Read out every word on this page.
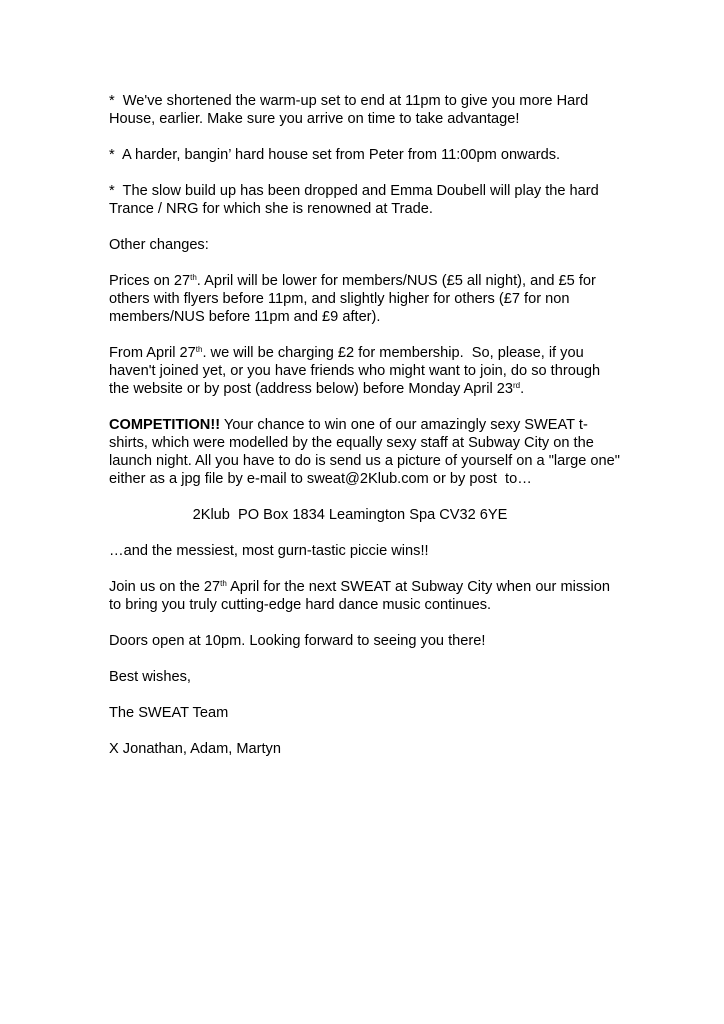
*  We've shortened the warm-up set to end at 11pm to give you more Hard House, earlier. Make sure you arrive on time to take advantage!

*  A harder, bangin’ hard house set from Peter from 11:00pm onwards.

*  The slow build up has been dropped and Emma Doubell will play the hard Trance / NRG for which she is renowned at Trade.

Other changes:

Prices on 27th. April will be lower for members/NUS (£5 all night), and £5 for others with flyers before 11pm, and slightly higher for others (£7 for non members/NUS before 11pm and £9 after).

From April 27th. we will be charging £2 for membership.  So, please, if you haven't joined yet, or you have friends who might want to join, do so through the website or by post (address below) before Monday April 23rd.

COMPETITION!! Your chance to win one of our amazingly sexy SWEAT t-shirts, which were modelled by the equally sexy staff at Subway City on the launch night. All you have to do is send us a picture of yourself on a "large one" either as a jpg file by e-mail to sweat@2Klub.com or by post  to…

2Klub  PO Box 1834 Leamington Spa CV32 6YE

…and the messiest, most gurn-tastic piccie wins!!

Join us on the 27th April for the next SWEAT at Subway City when our mission to bring you truly cutting-edge hard dance music continues.

Doors open at 10pm. Looking forward to seeing you there!

Best wishes,

The SWEAT Team

X Jonathan, Adam, Martyn
